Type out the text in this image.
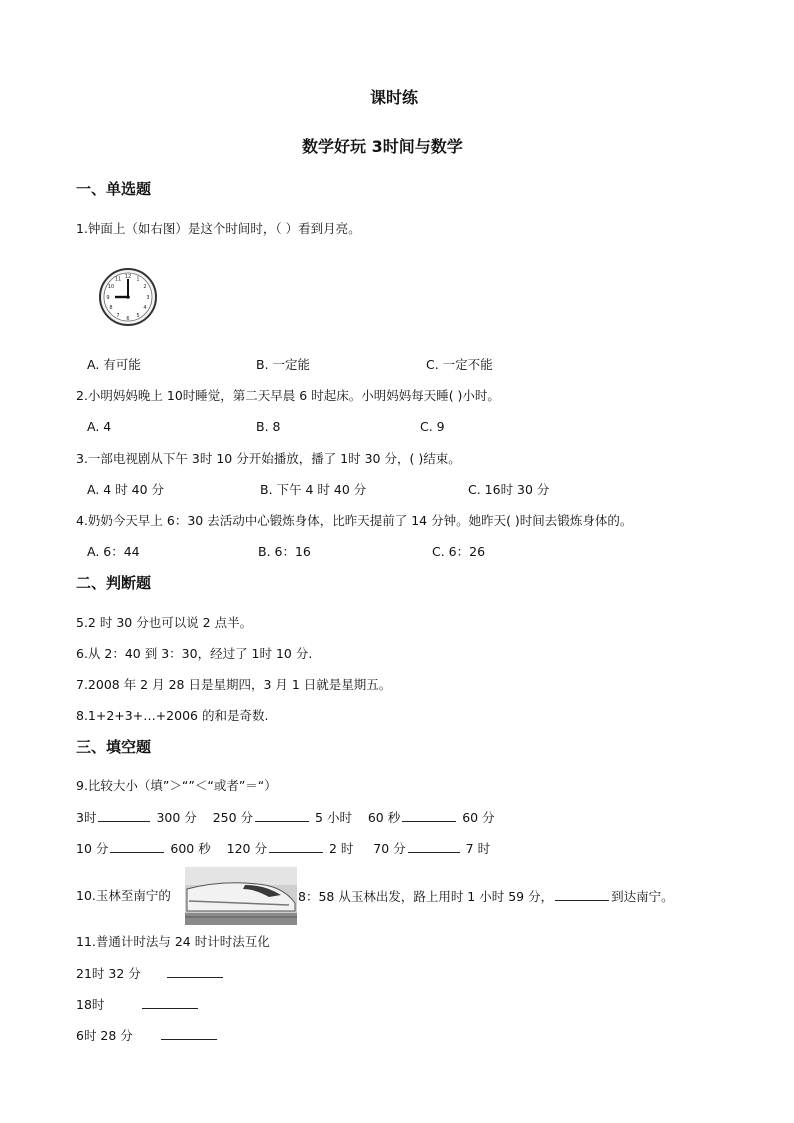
课时练
数学好玩 3时间与数学
一、单选题
1.钟面上（如右图）是这个时间时，（ ）看到月亮。
12 1
2
3
4
5
6
7
8
9
10
11
A. 有可能	B. 一定能	C. 一定不能
2.小明妈妈晚上 10时睡觉，第二天早晨 6 时起床。小明妈妈每天睡( )小时。
A. 4	B. 8	C. 9
3.一部电视剧从下午 3时 10 分开始播放，播了 1时 30 分，( )结束。
A. 4 时 40 分	B. 下午 4 时 40 分	C. 16时 30 分
4.奶奶今天早上 6：30 去活动中心锻炼身体，比昨天提前了 14 分钟。她昨天( )时间去锻炼身体的。
A. 6：44	B. 6：16	C. 6：26
二、判断题
5.2 时 30 分也可以说 2 点半。
6.从 2：40 到 3：30，经过了 1时 10 分.
7.2008 年 2 月 28 日是星期四，3 月 1 日就是星期五。
8.1+2+3+…+2006 的和是奇数.
三、填空题
9.比较大小（填”＞“”＜“或者”＝“）
3时	300 分 250 分	5 小时 60 秒	60 分
10 分	600 秒 120 分	2 时 70 分	7 时
10.玉林至南宁的	8：58 从玉林出发，路上用时 1 小时 59 分，	到达南宁。
11.普通计时法与 24 时计时法互化
21时 32 分
18时
6时 28 分
